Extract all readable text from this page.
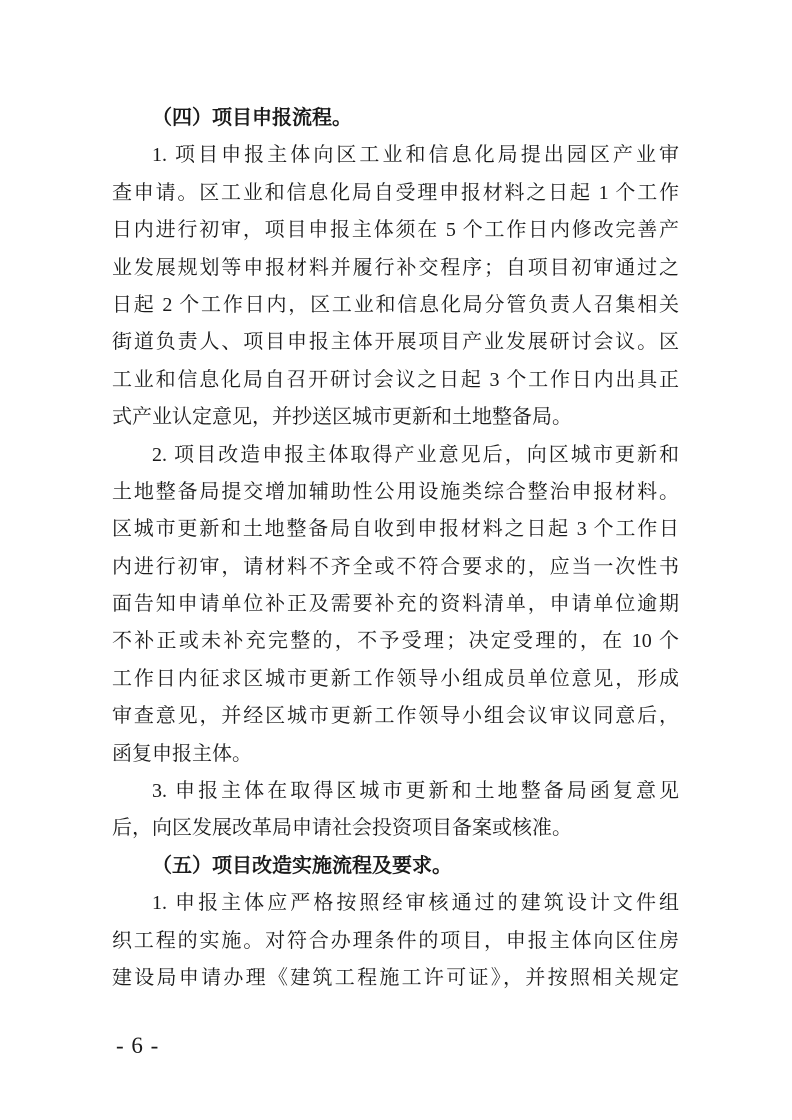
（四）项目申报流程。
1. 项目申报主体向区工业和信息化局提出园区产业审
查申请。区工业和信息化局自受理申报材料之日起 1 个工作
日内进行初审，项目申报主体须在 5 个工作日内修改完善产
业发展规划等申报材料并履行补交程序；自项目初审通过之
日起 2 个工作日内，区工业和信息化局分管负责人召集相关
街道负责人、项目申报主体开展项目产业发展研讨会议。区
工业和信息化局自召开研讨会议之日起 3 个工作日内出具正
式产业认定意见，并抄送区城市更新和土地整备局。
2. 项目改造申报主体取得产业意见后，向区城市更新和
土地整备局提交增加辅助性公用设施类综合整治申报材料。
区城市更新和土地整备局自收到申报材料之日起 3 个工作日
内进行初审，请材料不齐全或不符合要求的，应当一次性书
面告知申请单位补正及需要补充的资料清单，申请单位逾期
不补正或未补充完整的，不予受理；决定受理的，在 10 个
工作日内征求区城市更新工作领导小组成员单位意见，形成
审查意见，并经区城市更新工作领导小组会议审议同意后，
函复申报主体。
3. 申报主体在取得区城市更新和土地整备局函复意见
后，向区发展改革局申请社会投资项目备案或核准。
（五）项目改造实施流程及要求。
1. 申报主体应严格按照经审核通过的建筑设计文件组
织工程的实施。对符合办理条件的项目，申报主体向区住房
建设局申请办理《建筑工程施工许可证》，并按照相关规定
- 6 -
